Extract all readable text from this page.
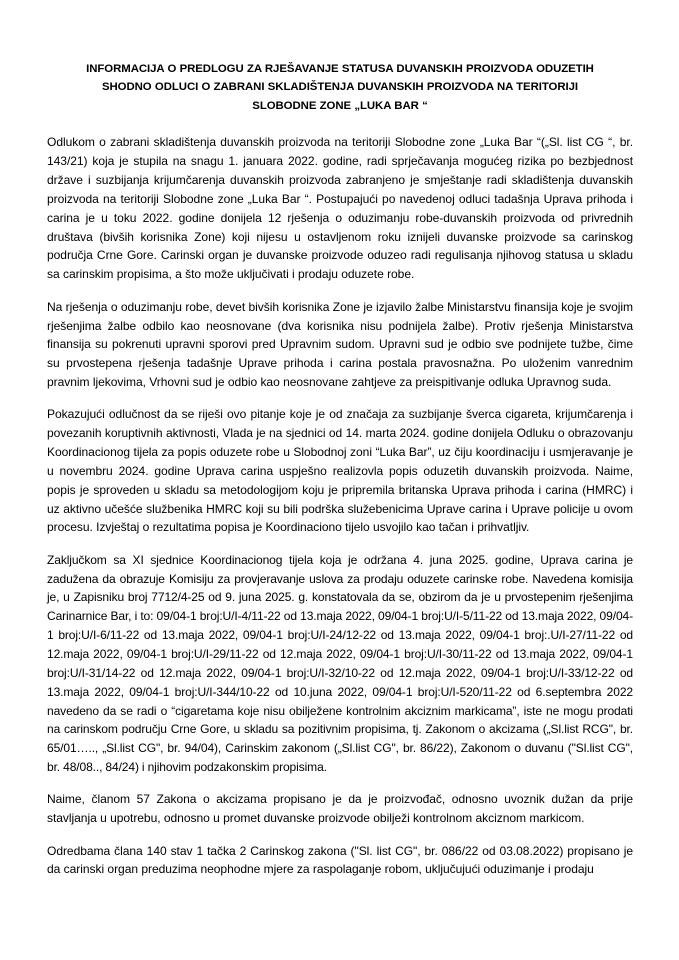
INFORMACIJA O PREDLOGU ZA RJEŠAVANJE STATUSA DUVANSKIH PROIZVODA ODUZETIH
SHODNO ODLUCI O ZABRANI SKLADIŠTENJA DUVANSKIH PROIZVODA NA TERITORIJI
SLOBODNE ZONE „LUKA BAR “

Odlukom o zabrani skladištenja duvanskih proizvoda na teritoriji Slobodne zone „Luka Bar “(„Sl. list CG “, br. 143/21) koja je stupila na snagu 1. januara 2022. godine, radi sprječavanja mogućeg rizika po bezbjednost države i suzbijanja krijumčarenja duvanskih proizvoda zabranjeno je smještanje radi skladištenja duvanskih proizvoda na teritoriji Slobodne zone „Luka Bar “. Postupajući po navedenoj odluci tadašnja Uprava prihoda i carina je u toku 2022. godine donijela 12 rješenja o oduzimanju robe-duvanskih proizvoda od privrednih društava (bivših korisnika Zone) koji nijesu u ostavljenom roku iznijeli duvanske proizvode sa carinskog područja Crne Gore. Carinski organ je duvanske proizvode oduzeo radi regulisanja njihovog statusa u skladu sa carinskim propisima, a što može uključivati i prodaju oduzete robe.

Na rješenja o oduzimanju robe, devet bivših korisnika Zone je izjavilo žalbe Ministarstvu finansija koje je svojim rješenjima žalbe odbilo kao neosnovane (dva korisnika nisu podnijela žalbe). Protiv rješenja Ministarstva finansija su pokrenuti upravni sporovi pred Upravnim sudom. Upravni sud je odbio sve podnijete tužbe, čime su prvostepena rješenja tadašnje Uprave prihoda i carina postala pravosnažna. Po uloženim vanrednim pravnim ljekovima, Vrhovni sud je odbio kao neosnovane zahtjeve za preispitivanje odluka Upravnog suda.

Pokazujući odlučnost da se riješi ovo pitanje koje je od značaja za suzbijanje šverca cigareta, krijumčarenja i povezanih koruptivnih aktivnosti, Vlada je na sjednici od 14. marta 2024. godine donijela Odluku o obrazovanju Koordinacionog tijela za popis oduzete robe u Slobodnoj zoni “Luka Bar”, uz čiju koordinaciju i usmjeravanje je u novembru 2024. godine Uprava carina uspješno realizovla popis oduzetih duvanskih proizvoda. Naime, popis je sproveden u skladu sa metodologijom koju je pripremila britanska Uprava prihoda i carina (HMRC) i uz aktivno učešće službenika HMRC koji su bili podrška služebenicima Uprave carina i Uprave policije u ovom procesu. Izvještaj o rezultatima popisa je Koordinaciono tijelo usvojilo kao tačan i prihvatljiv.

Zaključkom sa XI sjednice Koordinacionog tijela koja je održana 4. juna 2025. godine, Uprava carina je zadužena da obrazuje Komisiju za provjeravanje uslova za prodaju oduzete carinske robe. Navedena komisija je, u Zapisniku broj 7712/4-25 od 9. juna 2025. g. konstatovala da se, obzirom da je u prvostepenim rješenjima Carinarnice Bar, i to: 09/04-1 broj:U/I-4/11-22 od 13.maja 2022, 09/04-1 broj:U/I-5/11-22 od 13.maja 2022, 09/04-1 broj:U/I-6/11-22 od 13.maja 2022, 09/04-1 broj:U/I-24/12-22 od 13.maja 2022, 09/04-1 broj:.U/I-27/11-22 od 12.maja 2022, 09/04-1 broj:U/I-29/11-22 od 12.maja 2022, 09/04-1 broj:U/I-30/11-22 od 13.maja 2022, 09/04-1 broj:U/I-31/14-22 od 12.maja 2022, 09/04-1 broj:U/I-32/10-22 od 12.maja 2022, 09/04-1 broj:U/I-33/12-22 od 13.maja 2022, 09/04-1 broj:U/I-344/10-22 od 10.juna 2022, 09/04-1 broj:U/I-520/11-22 od 6.septembra 2022 navedeno da se radi o “cigaretama koje nisu obilježene kontrolnim akciznim markicama”, iste ne mogu prodati na carinskom području Crne Gore, u skladu sa pozitivnim propisima, tj. Zakonom o akcizama („Sl.list RCG", br. 65/01….., „Sl.list CG", br. 94/04), Carinskim zakonom („Sl.list CG", br. 86/22), Zakonom o duvanu ("Sl.list CG", br. 48/08.., 84/24) i njihovim podzakonskim propisima.

Naime, članom 57 Zakona o akcizama propisano je da je proizvođač, odnosno uvoznik dužan da prije stavljanja u upotrebu, odnosno u promet duvanske proizvode obilježi kontrolnom akciznom markicom.

Odredbama člana 140 stav 1 tačka 2 Carinskog zakona ("Sl. list CG", br. 086/22 od 03.08.2022) propisano je da carinski organ preduzima neophodne mjere za raspolaganje robom, uključujući oduzimanje i prodaju
